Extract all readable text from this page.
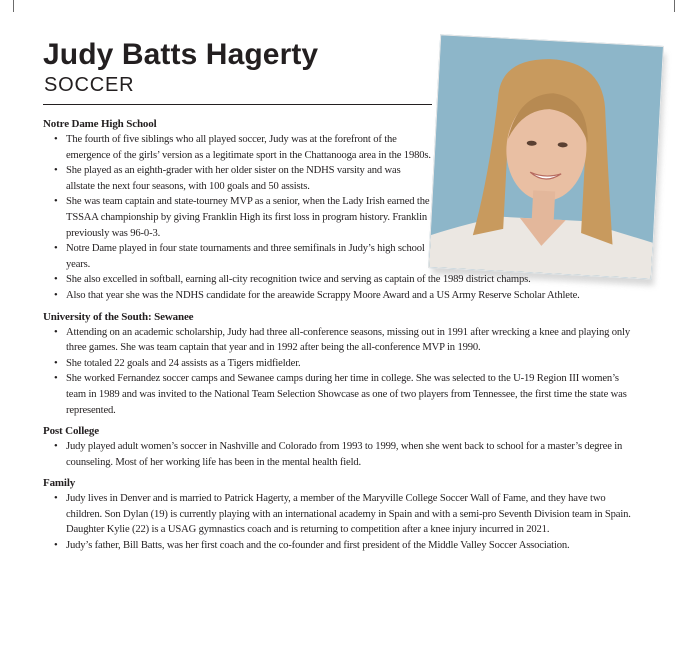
Judy Batts Hagerty
SOCCER

Notre Dame High School

• The fourth of five siblings who all played soccer, Judy was at the forefront of the emergence of the girls’ version as a legitimate sport in the Chattanooga area in the 1980s.
• She played as an eighth-grader with her older sister on the NDHS varsity and was allstate the next four seasons, with 100 goals and 50 assists.
• She was team captain and state-tourney MVP as a senior, when the Lady Irish earned the TSSAA championship by giving Franklin High its first loss in program history. Franklin previously was 96-0-3.
• Notre Dame played in four state tournaments and three semifinals in Judy’s high school years.
• She also excelled in softball, earning all-city recognition twice and serving as captain of the 1989 district champs.
• Also that year she was the NDHS candidate for the areawide Scrappy Moore Award and a US Army Reserve Scholar Athlete.

University of the South: Sewanee

• Attending on an academic scholarship, Judy had three all-conference seasons, missing out in 1991 after wrecking a knee and playing only three games. She was team captain that year and in 1992 after being the all-conference MVP in 1990.
• She totaled 22 goals and 24 assists as a Tigers midfielder.
• She worked Fernandez soccer camps and Sewanee camps during her time in college. She was selected to the U-19 Region III women’s team in 1989 and was invited to the National Team Selection Showcase as one of two players from Tennessee, the first time the state was represented.

Post College

• Judy played adult women’s soccer in Nashville and Colorado from 1993 to 1999, when she went back to school for a master’s degree in counseling. Most of her working life has been in the mental health field.

Family

• Judy lives in Denver and is married to Patrick Hagerty, a member of the Maryville College Soccer Wall of Fame, and they have two children. Son Dylan (19) is currently playing with an international academy in Spain and with a semi-pro Seventh Division team in Spain. Daughter Kylie (22) is a USAG gymnastics coach and is returning to competition after a knee injury incurred in 2021.
• Judy’s father, Bill Batts, was her first coach and the co-founder and first president of the Middle Valley Soccer Association.
